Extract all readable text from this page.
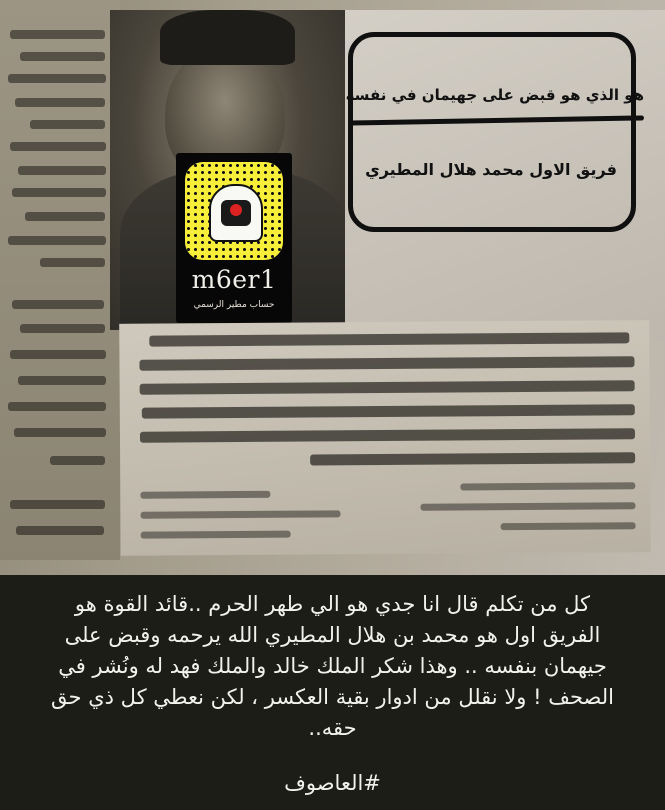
هو الذي هو قبض على جهيمان في نفسه
فريق الاول محمد هلال المطيري
m6er1
حساب مطير الرسمي
كل من تكلم قال انا جدي هو الي طهر الحرم ..قائد القوة هو
الفريق اول هو محمد بن هلال المطيري الله يرحمه وقبض على
جيهمان بنفسه .. وهذا شكر الملك خالد والملك فهد له ونُشر في
الصحف ! ولا نقلل من ادوار بقية العكسر ، لكن نعطي كل ذي حق
حقه..
#العاصوف
